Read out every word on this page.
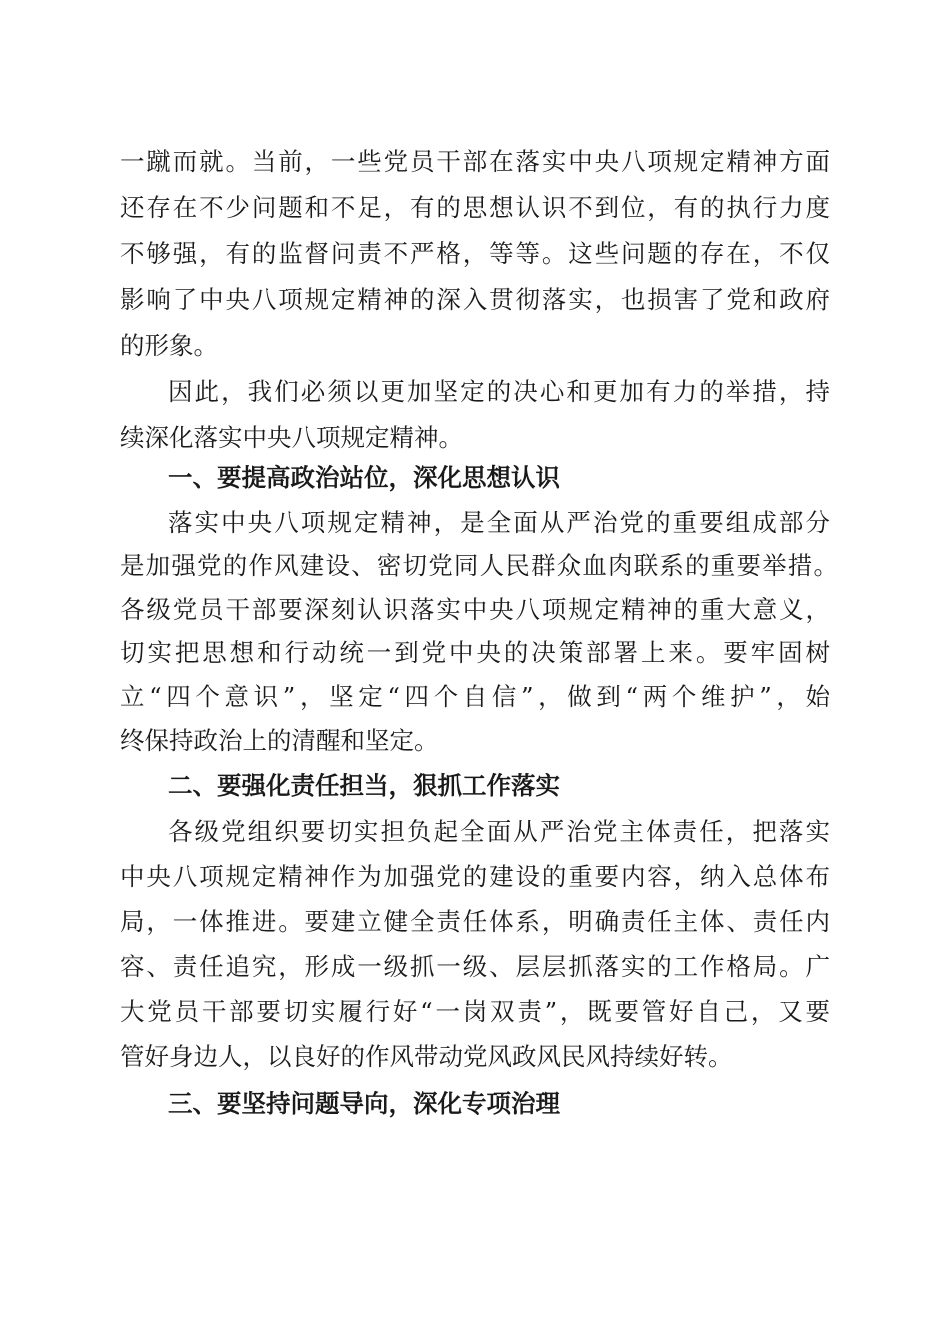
一蹴而就。当前，一些党员干部在落实中央八项规定精神方面
还存在不少问题和不足，有的思想认识不到位，有的执行力度
不够强，有的监督问责不严格，等等。这些问题的存在，不仅
影响了中央八项规定精神的深入贯彻落实，也损害了党和政府
的形象。
因此，我们必须以更加坚定的决心和更加有力的举措，持
续深化落实中央八项规定精神。
一、要提高政治站位，深化思想认识
落实中央八项规定精神，是全面从严治党的重要组成部分
是加强党的作风建设、密切党同人民群众血肉联系的重要举措。
各级党员干部要深刻认识落实中央八项规定精神的重大意义，
切实把思想和行动统一到党中央的决策部署上来。要牢固树
立“四个意识”，坚定“四个自信”，做到“两个维护”，始
终保持政治上的清醒和坚定。
二、要强化责任担当，狠抓工作落实
各级党组织要切实担负起全面从严治党主体责任，把落实
中央八项规定精神作为加强党的建设的重要内容，纳入总体布
局，一体推进。要建立健全责任体系，明确责任主体、责任内
容、责任追究，形成一级抓一级、层层抓落实的工作格局。广
大党员干部要切实履行好“一岗双责”，既要管好自己，又要
管好身边人，以良好的作风带动党风政风民风持续好转。
三、要坚持问题导向，深化专项治理
